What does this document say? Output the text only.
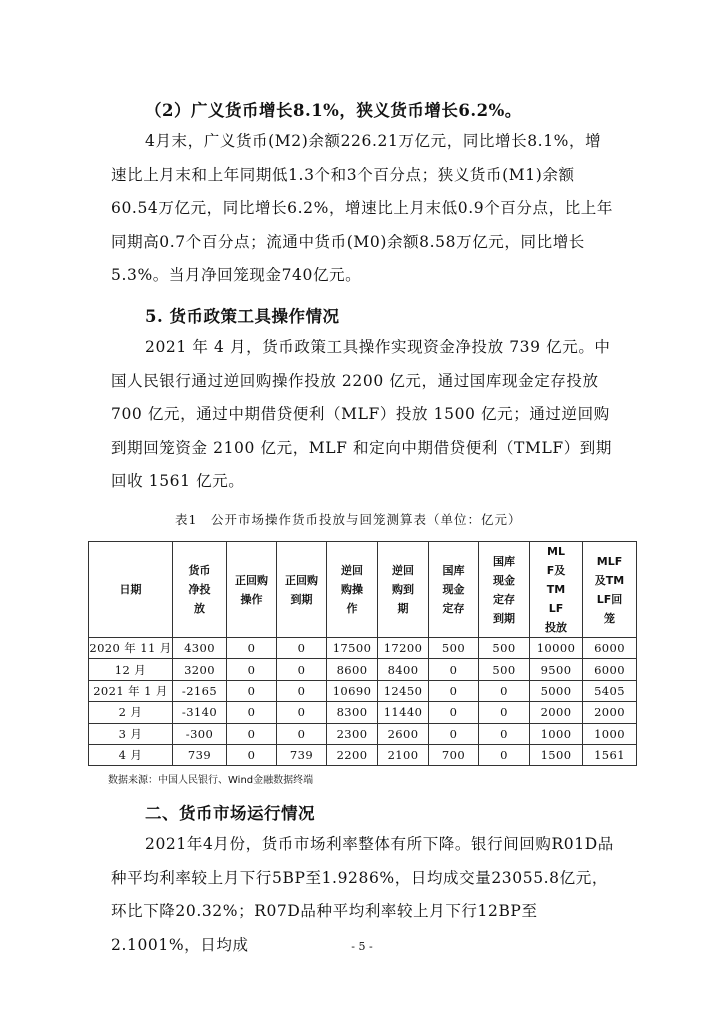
（2）广义货币增长8.1%，狭义货币增长6.2%。

4月末，广义货币(M2)余额226.21万亿元，同比增长8.1%，增速比上月末和上年同期低1.3个和3个百分点；狭义货币(M1)余额60.54万亿元，同比增长6.2%，增速比上月末低0.9个百分点，比上年同期高0.7个百分点；流通中货币(M0)余额8.58万亿元，同比增长5.3%。当月净回笼现金740亿元。

5. 货币政策工具操作情况

2021 年 4 月，货币政策工具操作实现资金净投放 739 亿元。中国人民银行通过逆回购操作投放 2200 亿元，通过国库现金定存投放 700 亿元，通过中期借贷便利（MLF）投放 1500 亿元；通过逆回购到期回笼资金 2100 亿元，MLF 和定向中期借贷便利（TMLF）到期回收 1561 亿元。

表1　公开市场操作货币投放与回笼测算表（单位：亿元）
日期	货币净投放	正回购操作	正回购到期	逆回购操作	逆回购到期	国库现金定存	国库现金定存到期	MLF及TMLF投放	MLF及TMLF回笼

2020 年 11 月	4300	0	0	17500	17200	500	500	10000	6000
12 月	3200	0	0	8600	8400	0	500	9500	6000
2021 年 1 月	-2165	0	0	10690	12450	0	0	5000	5405
2 月	-3140	0	0	8300	11440	0	0	2000	2000
3 月	-300	0	0	2300	2600	0	0	1000	1000
4 月	739	0	739	2200	2100	700	0	1500	1561
数据来源：中国人民银行、Wind金融数据终端
二、货币市场运行情况

2021年4月份，货币市场利率整体有所下降。银行间回购R01D品种平均利率较上月下行5BP至1.9286%，日均成交量23055.8亿元，环比下降20.32%；R07D品种平均利率较上月下行12BP至2.1001%，日均成	- 5 -
